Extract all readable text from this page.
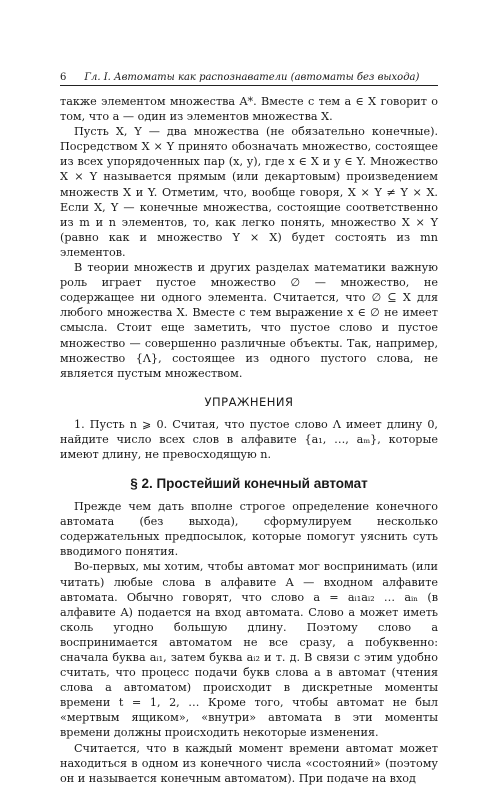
6 Гл. I. Автоматы как распознаватели (автоматы без выхода)

также элементом множества A*. Вместе с тем a ∈ X говорит о том, что a — один из элементов множества X.

Пусть X, Y — два множества (не обязательно конечные). Посредством X × Y принято обозначать множество, состоящее из всех упорядоченных пар (x, y), где x ∈ X и y ∈ Y. Множество X × Y называется прямым (или декартовым) произведением множеств X и Y. Отметим, что, вообще говоря, X × Y ≠ Y × X. Если X, Y — конечные множества, состоящие соответственно из m и n элементов, то, как легко понять, множество X × Y (равно как и множество Y × X) будет состоять из mn элементов.

В теории множеств и других разделах математики важную роль играет пустое множество ∅ — множество, не содержащее ни одного элемента. Считается, что ∅ ⊆ X для любого множества X. Вместе с тем выражение x ∈ ∅ не имеет смысла. Стоит еще заметить, что пустое слово и пустое множество — совершенно различные объекты. Так, например, множество {Λ}, состоящее из одного пустого слова, не является пустым множеством.

УПРАЖНЕНИЯ

1. Пусть n ⩾ 0. Считая, что пустое слово Λ имеет длину 0, найдите число всех слов в алфавите {a₁, …, aₘ}, которые имеют длину, не превосходящую n.

§ 2. Простейший конечный автомат

Прежде чем дать вполне строгое определение конечного автомата (без выхода), сформулируем несколько содержательных предпосылок, которые помогут уяснить суть вводимого понятия.

Во-первых, мы хотим, чтобы автомат мог воспринимать (или читать) любые слова в алфавите A — входном алфавите автомата. Обычно говорят, что слово a = aᵢ₁aᵢ₂ … aᵢₙ (в алфавите A) подается на вход автомата. Слово a может иметь сколь угодно большую длину. Поэтому слово a воспринимается автоматом не все сразу, а побуквенно: сначала буква aᵢ₁, затем буква aᵢ₂ и т. д. В связи с этим удобно считать, что процесс подачи букв слова a в автомат (чтения слова a автоматом) происходит в дискретные моменты времени t = 1, 2, … Кроме того, чтобы автомат не был «мертвым ящиком», «внутри» автомата в эти моменты времени должны происходить некоторые изменения.

Считается, что в каждый момент времени автомат может находиться в одном из конечного числа «состояний» (поэтому он и называется конечным автоматом). При подаче на вход
